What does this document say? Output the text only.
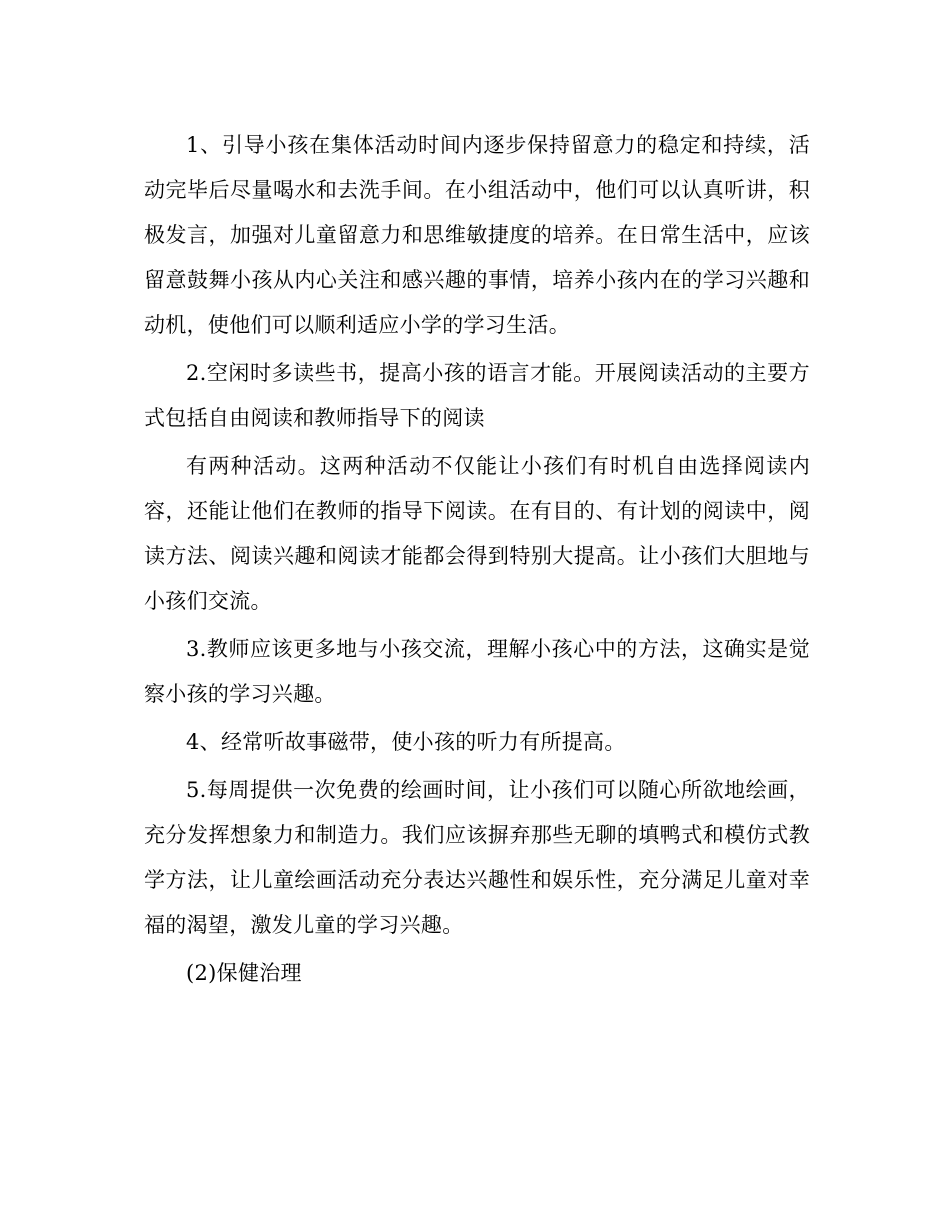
1、引导小孩在集体活动时间内逐步保持留意力的稳定和持续，活动完毕后尽量喝水和去洗手间。在小组活动中，他们可以认真听讲，积极发言，加强对儿童留意力和思维敏捷度的培养。在日常生活中，应该留意鼓舞小孩从内心关注和感兴趣的事情，培养小孩内在的学习兴趣和动机，使他们可以顺利适应小学的学习生活。

2.空闲时多读些书，提高小孩的语言才能。开展阅读活动的主要方式包括自由阅读和教师指导下的阅读

有两种活动。这两种活动不仅能让小孩们有时机自由选择阅读内容，还能让他们在教师的指导下阅读。在有目的、有计划的阅读中，阅读方法、阅读兴趣和阅读才能都会得到特别大提高。让小孩们大胆地与小孩们交流。

3.教师应该更多地与小孩交流，理解小孩心中的方法，这确实是觉察小孩的学习兴趣。

4、经常听故事磁带，使小孩的听力有所提高。

5.每周提供一次免费的绘画时间，让小孩们可以随心所欲地绘画，充分发挥想象力和制造力。我们应该摒弃那些无聊的填鸭式和模仿式教学方法，让儿童绘画活动充分表达兴趣性和娱乐性，充分满足儿童对幸福的渴望，激发儿童的学习兴趣。

(2)保健治理
